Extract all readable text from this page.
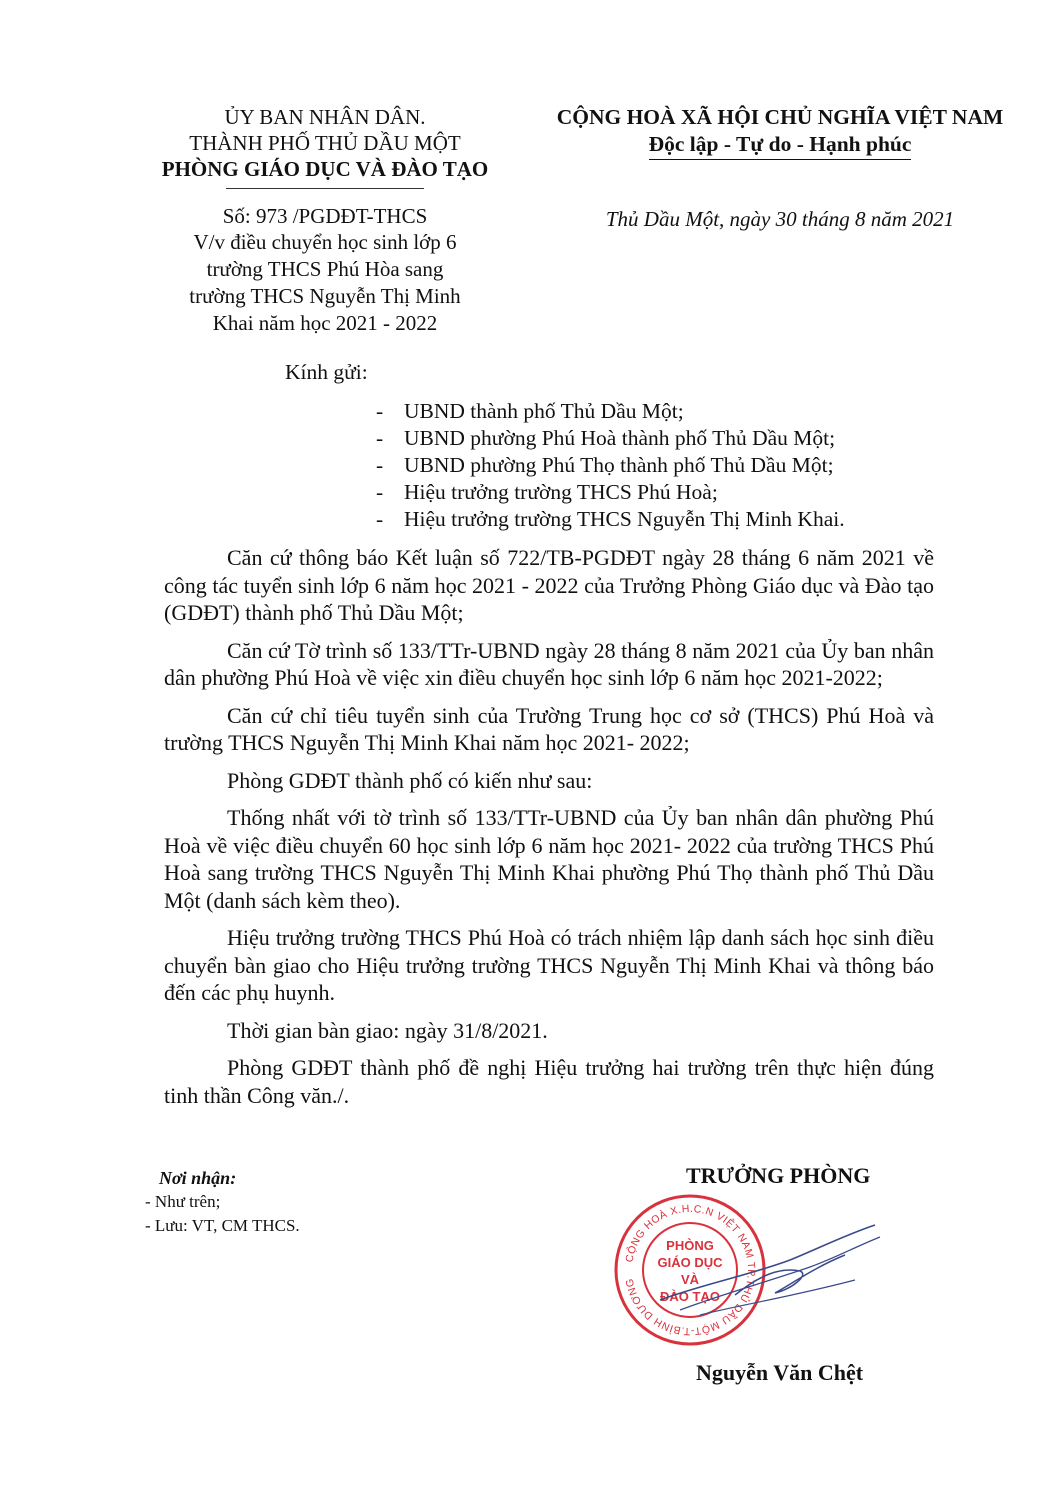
ỦY BAN NHÂN DÂN.
THÀNH PHỐ THỦ DẦU MỘT
PHÒNG GIÁO DỤC VÀ ĐÀO TẠO
Số: 973 /PGDĐT-THCS
V/v điều chuyển học sinh lớp 6
trường THCS Phú Hòa sang
trường THCS Nguyễn Thị Minh
Khai năm học 2021 - 2022
CỘNG HOÀ XÃ HỘI CHỦ NGHĨA VIỆT NAM
Độc lập - Tự do - Hạnh phúc
Thủ Dầu Một, ngày 30 tháng 8 năm 2021
Kính gửi:
- UBND thành phố Thủ Dầu Một;
- UBND phường Phú Hoà thành phố Thủ Dầu Một;
- UBND phường Phú Thọ thành phố Thủ Dầu Một;
- Hiệu trưởng trường THCS Phú Hoà;
- Hiệu trưởng trường THCS Nguyễn Thị Minh Khai.

Căn cứ thông báo Kết luận số 722/TB-PGDĐT ngày 28 tháng 6 năm 2021 về công tác tuyển sinh lớp 6 năm học 2021 - 2022 của Trưởng Phòng Giáo dục và Đào tạo (GDĐT) thành phố Thủ Dầu Một;

Căn cứ Tờ trình số 133/TTr-UBND ngày 28 tháng 8 năm 2021 của Ủy ban nhân dân phường Phú Hoà về việc xin điều chuyển học sinh lớp 6 năm học 2021-2022;

Căn cứ chỉ tiêu tuyển sinh của Trường Trung học cơ sở (THCS) Phú Hoà và trường THCS Nguyễn Thị Minh Khai năm học 2021- 2022;

Phòng GDĐT thành phố có kiến như sau:

Thống nhất với tờ trình số 133/TTr-UBND của Ủy ban nhân dân phường Phú Hoà về việc điều chuyển 60 học sinh lớp 6 năm học 2021- 2022 của trường THCS Phú Hoà sang trường THCS Nguyễn Thị Minh Khai phường Phú Thọ thành phố Thủ Dầu Một (danh sách kèm theo).

Hiệu trưởng trường THCS Phú Hoà có trách nhiệm lập danh sách học sinh điều chuyển bàn giao cho Hiệu trưởng trường THCS Nguyễn Thị Minh Khai và thông báo đến các phụ huynh.

Thời gian bàn giao: ngày 31/8/2021.

Phòng GDĐT thành phố đề nghị Hiệu trưởng hai trường trên thực hiện đúng tinh thần Công văn./.

Nơi nhận:
- Như trên;
- Lưu: VT, CM THCS.
TRƯỞNG PHÒNG
CỘNG HOÀ X.H.C.N VIỆT NAM TP.THỦ DẦU MỘT-T.BÌNH DƯƠNG
PHÒNG
GIÁO DỤC
VÀ
ĐÀO TẠO
Nguyễn Văn Chệt
